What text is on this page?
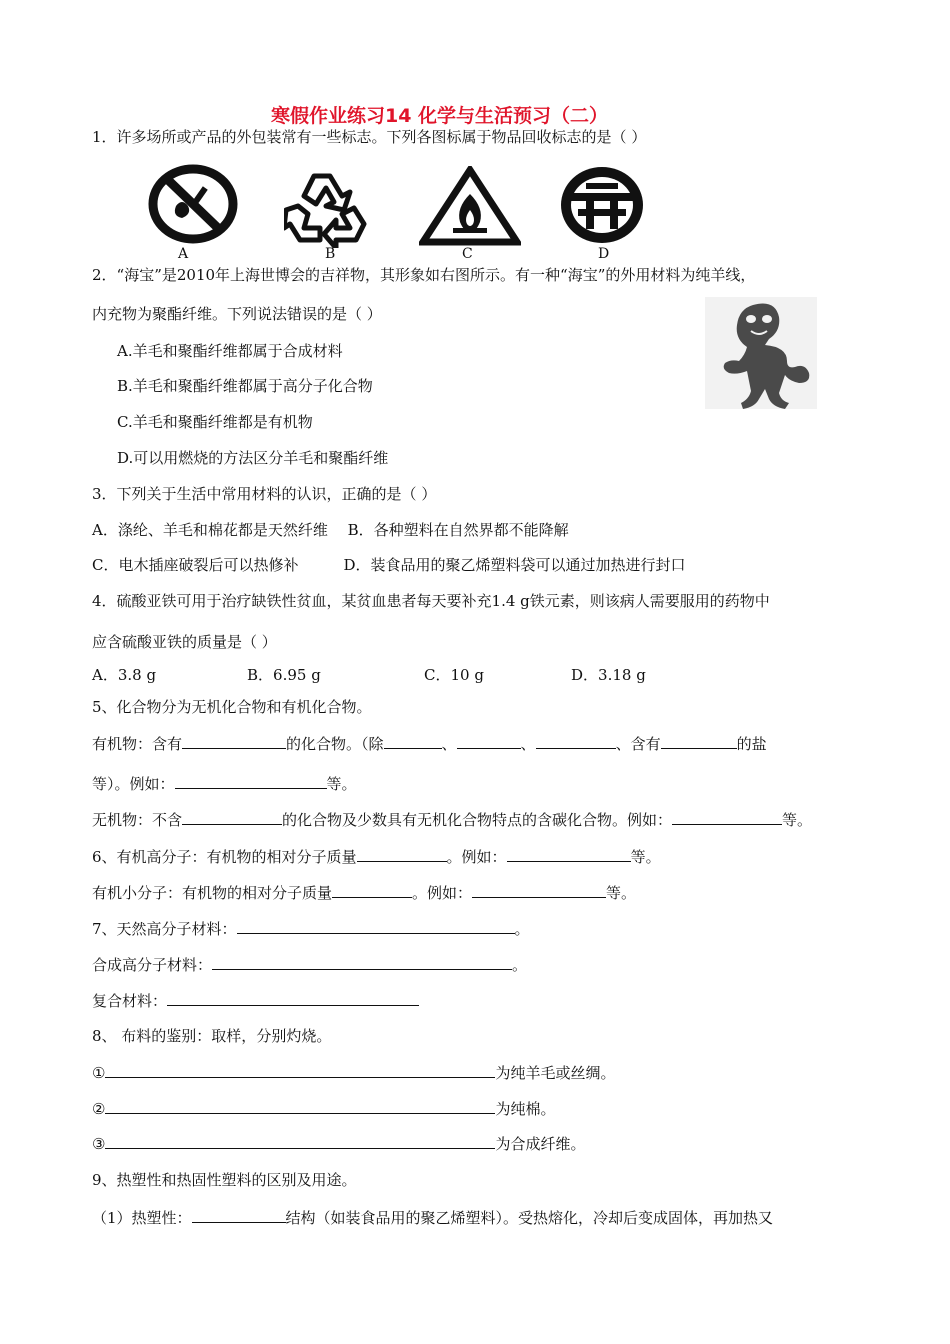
寒假作业练习14 化学与生活预习（二）
1．许多场所或产品的外包装常有一些标志。下列各图标属于物品回收标志的是（ ）
A	B	C	D
2．“海宝”是2010年上海世博会的吉祥物，其形象如右图所示。有一种“海宝”的外用材料为纯羊线，
内充物为聚酯纤维。下列说法错误的是（ ）
A.羊毛和聚酯纤维都属于合成材料
B.羊毛和聚酯纤维都属于高分子化合物
C.羊毛和聚酯纤维都是有机物
D.可以用燃烧的方法区分羊毛和聚酯纤维
3．下列关于生活中常用材料的认识，正确的是（ ）
A．涤纶、羊毛和棉花都是天然纤维　 B．各种塑料在自然界都不能降解
C．电木插座破裂后可以热修补　　　D．装食品用的聚乙烯塑料袋可以通过加热进行封口
4．硫酸亚铁可用于治疗缺铁性贫血，某贫血患者每天要补充1.4 g铁元素，则该病人需要服用的药物中
应含硫酸亚铁的质量是（ ）
A．3.8 g	B．6.95 g	C．10 g	D．3.18 g
5、化合物分为无机化合物和有机化合物。
有机物：含有	的化合物。（除	、	、	、含有	的盐
等）。例如：	等。
无机物：不含	的化合物及少数具有无机化合物特点的含碳化合物。例如：	等。
6、有机高分子：有机物的相对分子质量	。例如：	等。
有机小分子：有机物的相对分子质量	。例如：	等。
7、天然高分子材料：	。
合成高分子材料：	。
复合材料：
8、 布料的鉴别：取样，分别灼烧。
①	为纯羊毛或丝绸。
②	为纯棉。
③	为合成纤维。
9、热塑性和热固性塑料的区别及用途。
（1）热塑性：	结构（如装食品用的聚乙烯塑料）。受热熔化，冷却后变成固体，再加热又
